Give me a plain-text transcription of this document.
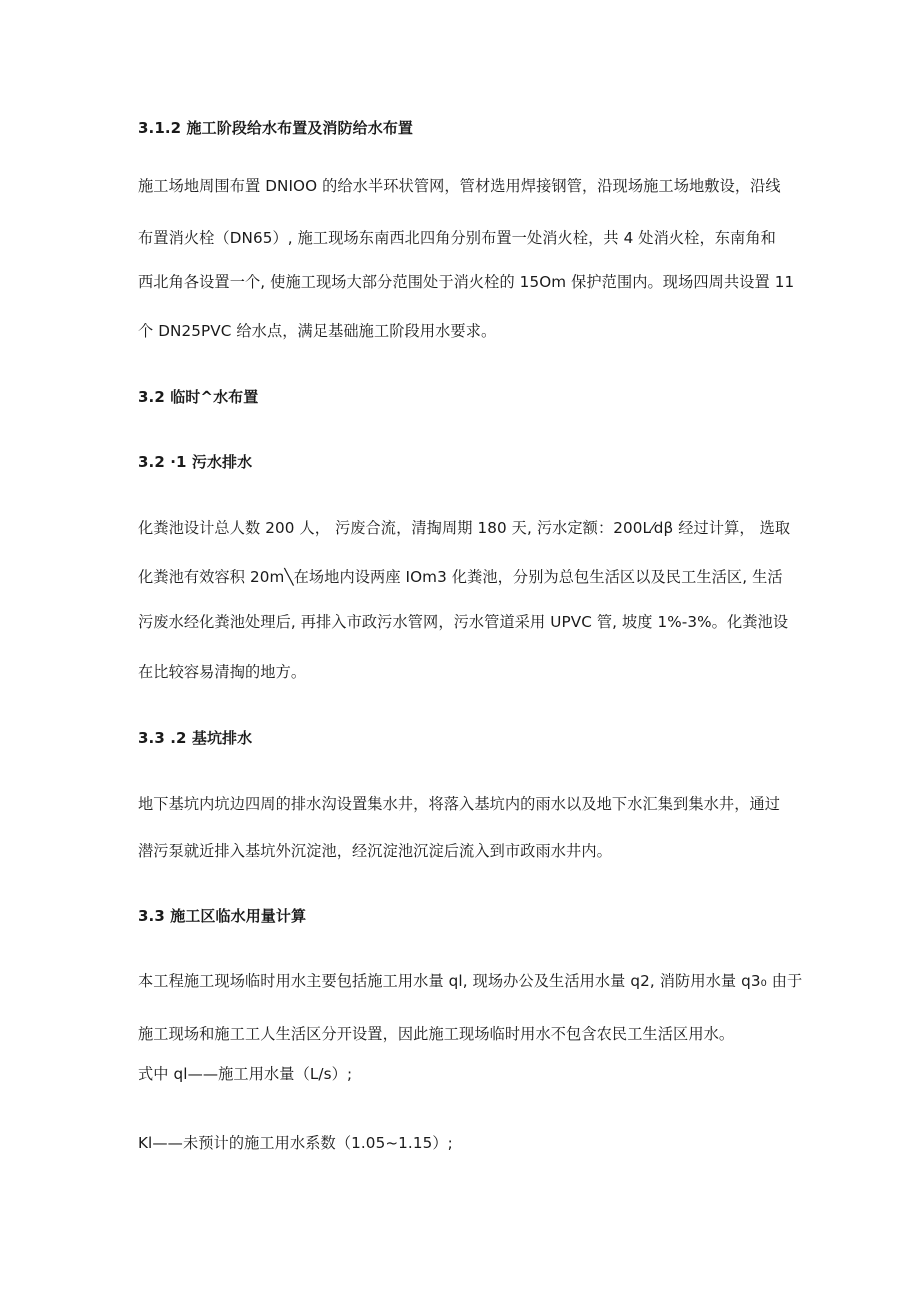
3.1.2 施工阶段给水布置及消防给水布置
施工场地周围布置 DNIOO 的给水半环状管网，管材选用焊接钢管，沿现场施工场地敷设，沿线
布置消火栓（DN65）, 施工现场东南西北四角分别布置一处消火栓，共 4 处消火栓，东南角和
西北角各设置一个, 使施工现场大部分范围处于消火栓的 15Om 保护范围内。现场四周共设置 11
个 DN25PVC 给水点，满足基础施工阶段用水要求。
3.2 临时^水布置
3.2 ·1 污水排水
化粪池设计总人数 200 人， 污废合流，清掏周期 180 天, 污水定额：200L⁄dβ 经过计算， 选取
化粪池有效容积 20m╲在场地内设两座 IOm3 化粪池，分别为总包生活区以及民工生活区, 生活
污废水经化粪池处理后, 再排入市政污水管网，污水管道采用 UPVC 管, 坡度 1%-3%。化粪池设
在比较容易清掏的地方。
3.3 .2 基坑排水
地下基坑内坑边四周的排水沟设置集水井，将落入基坑内的雨水以及地下水汇集到集水井，通过
潜污泵就近排入基坑外沉淀池，经沉淀池沉淀后流入到市政雨水井内。
3.3 施工区临水用量计算
本工程施工现场临时用水主要包括施工用水量 ql, 现场办公及生活用水量 q2, 消防用水量 q3₀ 由于
施工现场和施工工人生活区分开设置，因此施工现场临时用水不包含农民工生活区用水。
式中 ql——施工用水量（L/s）;
Kl——未预计的施工用水系数（1.05~1.15）;
